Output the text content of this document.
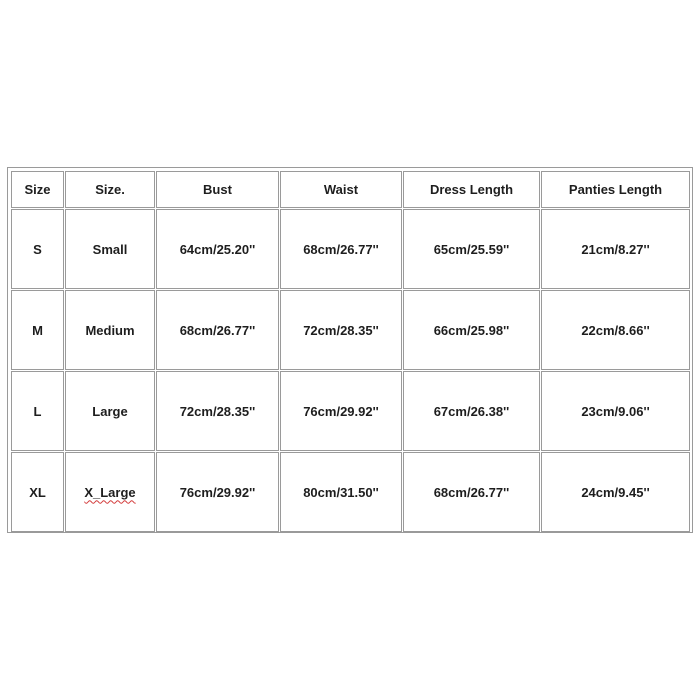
Size	Size.	Bust	Waist	Dress Length	Panties Length
S	Small	64cm/25.20''	68cm/26.77''	65cm/25.59''	21cm/8.27''
M	Medium	68cm/26.77''	72cm/28.35''	66cm/25.98''	22cm/8.66''
L	Large	72cm/28.35''	76cm/29.92''	67cm/26.38''	23cm/9.06''
XL	X_Large	76cm/29.92''	80cm/31.50''	68cm/26.77''	24cm/9.45''
